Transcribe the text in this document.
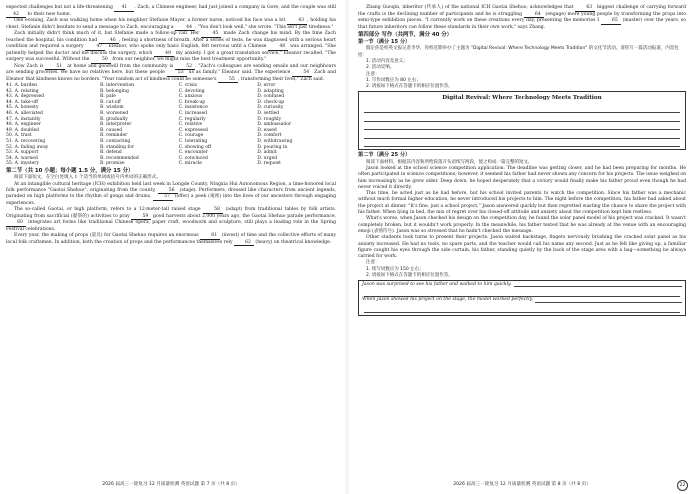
expected challenges but not a life-threatening 41 . Zach, a Chinese engineer, had just joined a company in Gore, and the couple was still 42 to their new home.

One evening, Zach was walking home when his neighbor Stefanie Mayer, a former nurse, noticed his face was a bit 43 , holding his chest. Stefanie didn't hesitate to send a message to Zach, encouraging a 44 . "You don't look well," she wrote. "This isn't just tiredness."

Zach initially didn't think much of it, but Stefanie made a follow-up call. Her 45 made Zach change his mind. By the time Zach reached the hospital, his condition had 46 , feeling a shortness of breath. After a series of tests, he was diagnosed with a serious heart condition and required a surgery 47 . Eleanor, who spoke only basic English, felt nervous until a Chinese 48 was arranged. "She patiently helped the doctor and me discuss the surgery, which 49 my anxiety. I got a great translation service," Eleanor recalled. "The surgery was successful. Without the 50 from our neighbor, we might miss the best treatment opportunity."

Now Zach is 51 at home and goodwill from the community is 52 . "Zach's colleagues are sending emails and our neighbours are sending groceries. We have no relatives here, but these people 53 us as family," Eleanor said. The experience 54 Zach and Eleanor that kindness knows no borders. "Your random act of kindness could be someone's 55 , transforming their lives," Zach said.

41. A. burden	B. intervention	C. crisis	D. error
42. A. relating	B. belonging	C. devoting	D. adapting
43. A. depressed	B. pale	C. anxious	D. confused
44. A. take-off	B. cut-off	C. break-up	D. check-up
45. A. honesty	B. wisdom	C. insistence	D. curiosity
46. A. alleviated	B. worsened	C. increased	D. settled
47. A. instantly	B. gradually	C. regularly	D. roughly
48. A. engineer	B. interpreter	C. relative	D. ambassador
49. A. doubled	B. caused	C. expressed	D. eased
50. A. trust	B. reminder	C. courage	D. comfort
51. A. recovering	B. contacting	C. tolerating	D. withdrawing
52. A. fading away	B. standing for	C. showing off	D. pouring in
53. A. support	B. defend	C. encounter	D. admit
54. A. warned	B. recommended	C. convinced	D. urged
55. A. mystery	B. promise	C. miracle	D. request

第二节（共 10 小题；每小题 1.5 分，满分 15 分）

阅读下面短文，在空白处填入 1 个适当的单词或括号内单词的正确形式。

At an intangible cultural heritage (ICH) exhibition held last week in Longde County, Ningxia Hui Autonomous Region, a time-honored local folk performance "Gaotai Shehuo", originating from the county, 56 (stage). Performers, dressed like characters from ancient legends, paraded on high platforms to the rhythm of gongs and drums, 57 (offer) a peek (窥视) into the lives of our ancestors through engaging experiences.

The so-called Gaotai, or high platform, refers to a 12-meter-tall raised stage 58 (adapt) from traditional tables by folk artists. Originating from sacrificial (献祭的) activities to pray 59 good harvests about 2,000 years ago, the Gaotai Shehuo parade performance, 60 integrates art forms like traditional Chinese opera, paper craft, woodwork and sculpture, still plays a leading role in the Spring Festival celebrations.

Every year, the making of props (道具) for Gaotai Shehuo requires an enormous 61 (invest) of time and the collective efforts of many local folk craftsmen. In addition, both the creation of props and the performances themselves rely 62 (heavy) on theatrical knowledge.

2026 届高三一轮复习 12 月质量检测 英语试题 第 7 页（共 8 页）

Zhang Guoqin, inheritor (传承人) of the national ICH Gaotai Shehuo, acknowledges that 63 biggest challenge of carrying forward the crafts is the declining number of participants and he is struggling 64 (engage) more young people by transforming the props into semi-type exhibition pieces. "I currently work on these creations every day, presenting the memories I 65 (master) over the years, so that future inheritors can follow these standards in their own work," says Zhang.

第四部分 写作（共两节，满分 40 分）

第一节（满分 15 分）

假定你是校英文报记者李华，你校近期举办了主题为 "Digital Revival: Where Technology Meets Tradition" 的文化节活动。请你写一篇活动报道，内容包括：

1. 活动内容及意义；

2. 活动反响。

注意：

1. 写作词数应为 80 左右；

2. 请按如下格式在答题卡的相应位置作答。

Digital Revival: Where Technology Meets Tradition

第二节（满分 25 分）

阅读下面材料，根据其内容和所给段落开头语续写两段，使之构成一篇完整的短文。

Jason looked at the school science competition application. The deadline was getting closer, and he had been preparing for months. He often participated in science competitions; however, it seemed his father had never shown any concern for his projects. The issue weighed on him increasingly as he grew older. Deep down, he hoped desperately that a victory would finally make his father proud even though he had never voiced it directly.

This time, he acted just as he had before, but his school invited parents to watch the competition. Since his father was a mechanic without much formal higher education, he never introduced his projects to him. The night before the competition, his father had asked about the project at dinner. "It's fine, just a school project," Jason answered quickly but then regretted wasting the chance to share the project with his father. When lying in bed, the mix of regret over his closed-off attitude and anxiety about the competition kept him restless.

What's worse, when Jason checked his design on the competition day, he found the solar panel model of his project was cracked. It wasn't completely broken, but it wouldn't work properly. In the meanwhile, his father texted that he was already at the venue with an encouraging emoji (表情符号). Jason was so stressed that he hadn't checked the message.

Other students took turns to present their projects. Jason waited backstage, fingers nervously brushing the cracked solar panel as his anxiety increased. He had no tools, no spare parts, and the teacher would call his name any second. Just as he felt like giving up, a familiar figure caught his eyes through the side curtain, his father, standing quietly by the back of the stage area with a bag—something he always carried for work.

注意：

1. 续写词数应为 150 左右；

2. 请按如下格式在答题卡的相应位置作答。

Jason was surprised to see his father and walked to him quickly.
When Jason showed his project on the stage, the model worked perfectly.
2026 届高三一轮复习 12 月质量检测 英语试题 第 8 页（共 8 页）	22
